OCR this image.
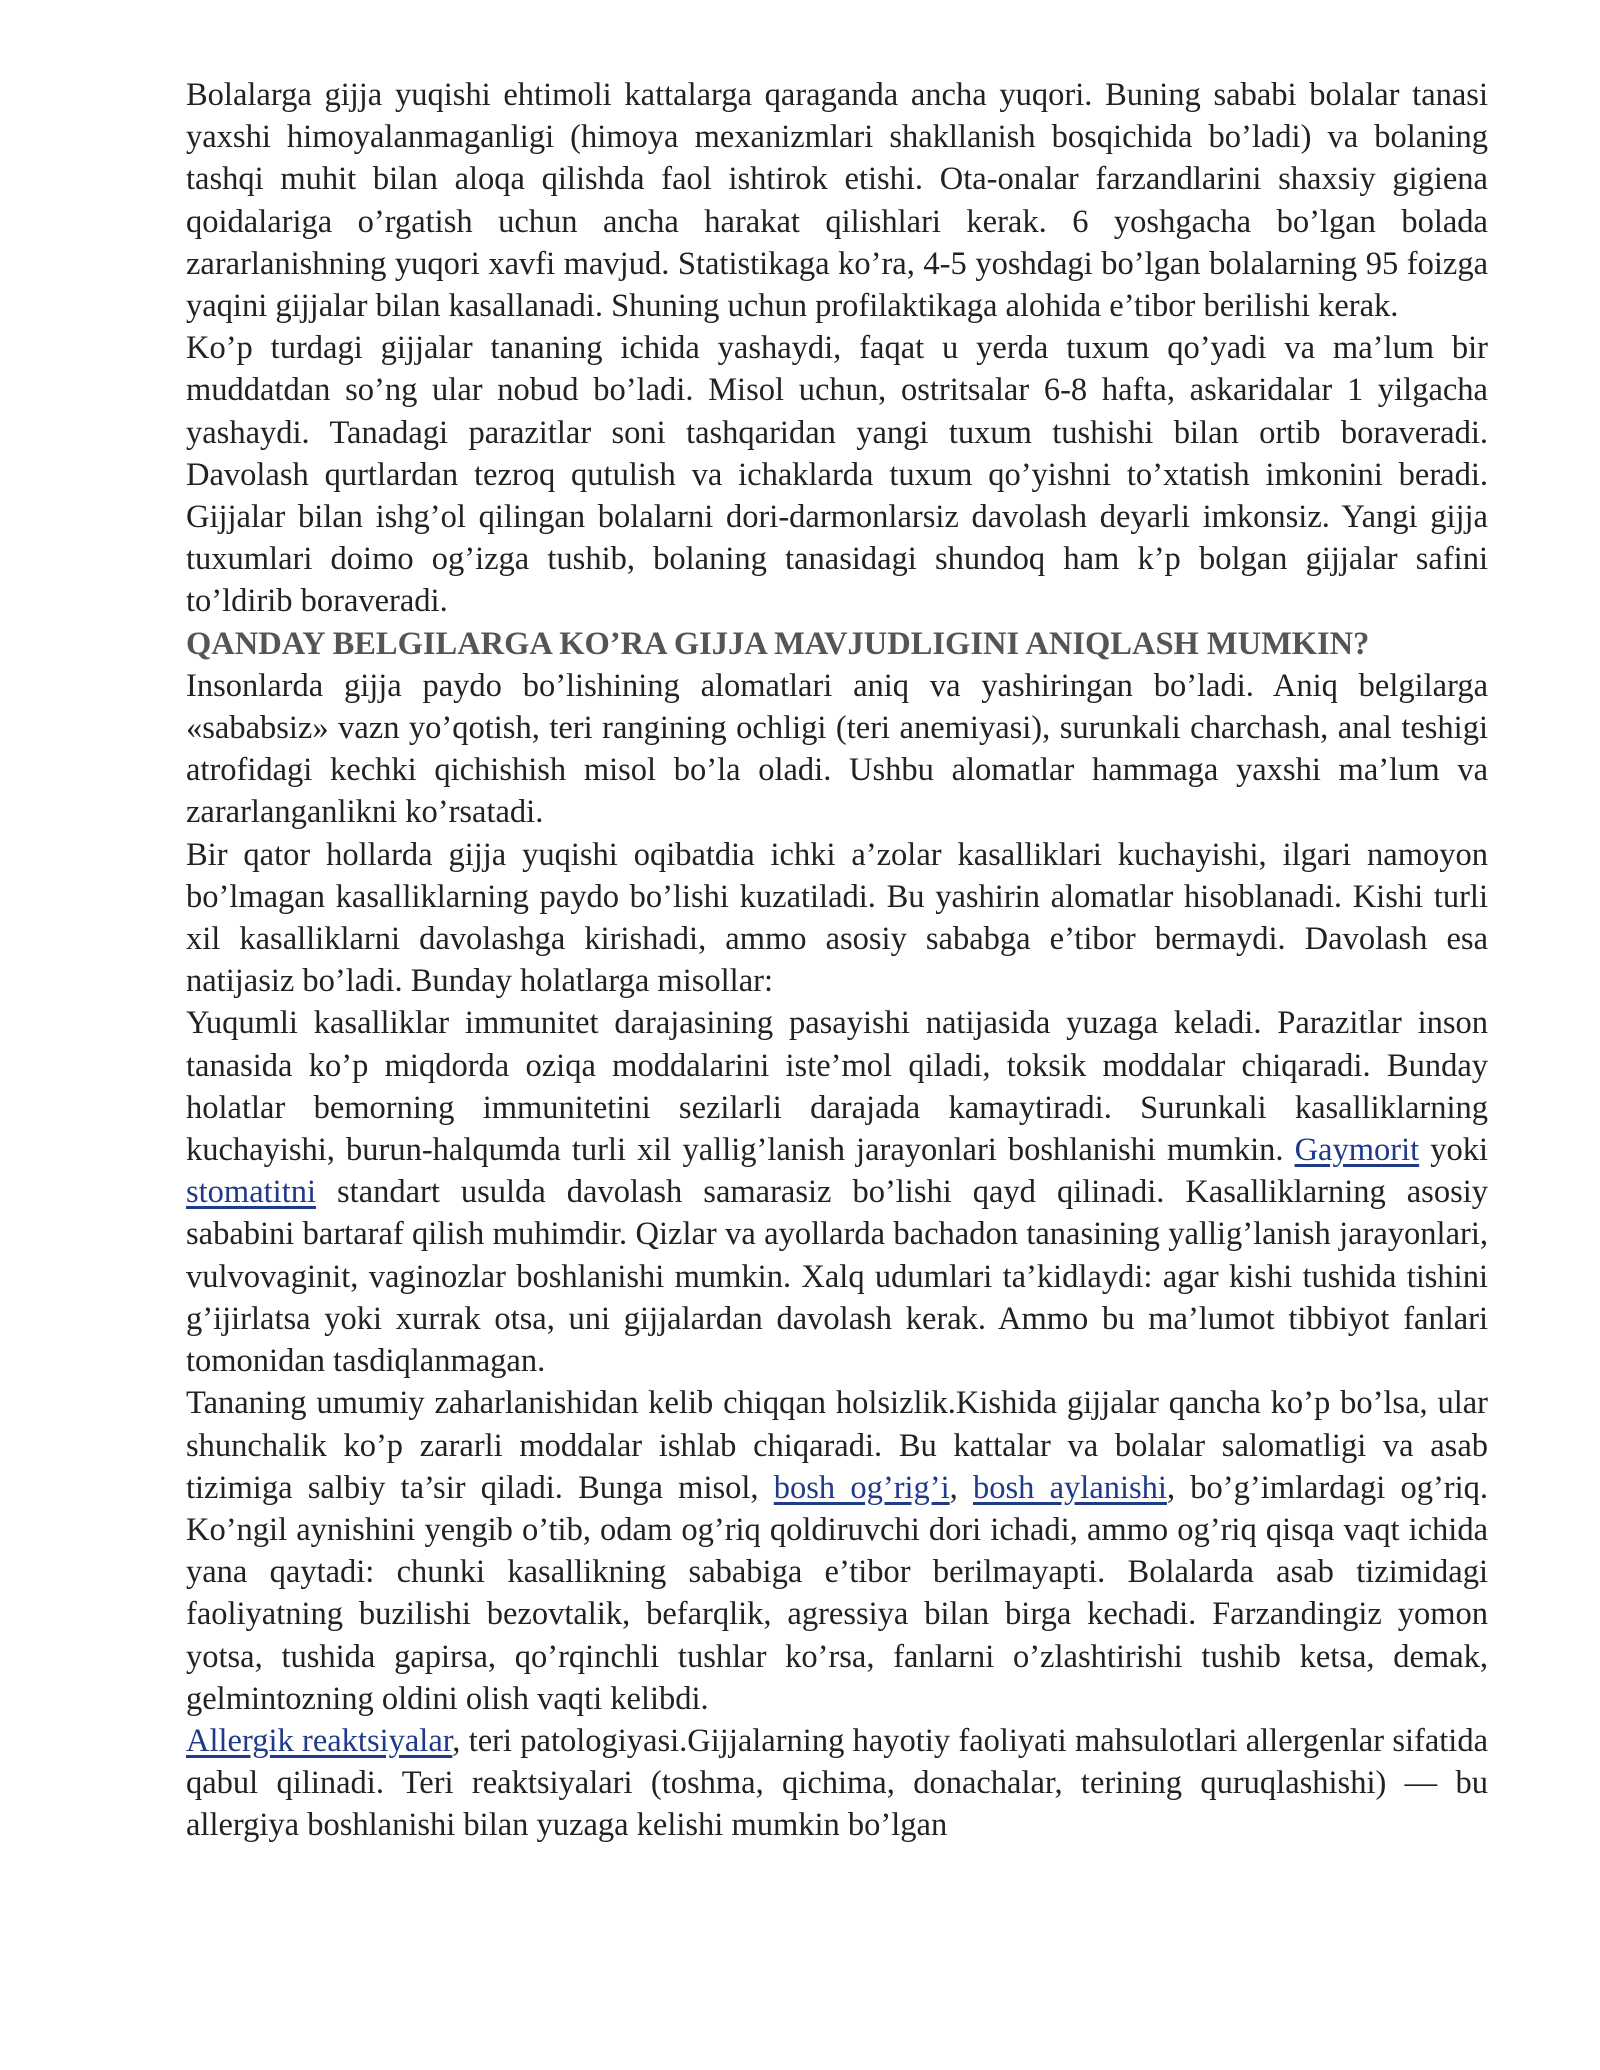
Bolalarga gijja yuqishi ehtimoli kattalarga qaraganda ancha yuqori. Buning sababi bolalar tanasi yaxshi himoyalanmaganligi (himoya mexanizmlari shakllanish bosqichida bo’ladi) va bolaning tashqi muhit bilan aloqa qilishda faol ishtirok etishi. Ota-onalar farzandlarini shaxsiy gigiena qoidalariga o’rgatish uchun ancha harakat qilishlari kerak. 6 yoshgacha bo’lgan bolada zararlanishning yuqori xavfi mavjud. Statistikaga ko’ra, 4-5 yoshdagi bo’lgan bolalarning 95 foizga yaqini gijjalar bilan kasallanadi. Shuning uchun profilaktikaga alohida e’tibor berilishi kerak.

Ko’p turdagi gijjalar tananing ichida yashaydi, faqat u yerda tuxum qo’yadi va ma’lum bir muddatdan so’ng ular nobud bo’ladi. Misol uchun, ostritsalar 6-8 hafta, askaridalar 1 yilgacha yashaydi. Tanadagi parazitlar soni tashqaridan yangi tuxum tushishi bilan ortib boraveradi. Davolash qurtlardan tezroq qutulish va ichaklarda tuxum qo’yishni to’xtatish imkonini beradi. Gijjalar bilan ishg’ol qilingan bolalarni dori-darmonlarsiz davolash deyarli imkonsiz. Yangi gijja tuxumlari doimo og’izga tushib, bolaning tanasidagi shundoq ham k’p bolgan gijjalar safini to’ldirib boraveradi.

QANDAY BELGILARGA KO’RA GIJJA MAVJUDLIGINI ANIQLASH MUMKIN?

Insonlarda gijja paydo bo’lishining alomatlari aniq va yashiringan bo’ladi. Aniq belgilarga «sababsiz» vazn yo’qotish, teri rangining ochligi (teri anemiyasi), surunkali charchash, anal teshigi atrofidagi kechki qichishish misol bo’la oladi. Ushbu alomatlar hammaga yaxshi ma’lum va zararlanganlikni ko’rsatadi.

Bir qator hollarda gijja yuqishi oqibatdia ichki a’zolar kasalliklari kuchayishi, ilgari namoyon bo’lmagan kasalliklarning paydo bo’lishi kuzatiladi. Bu yashirin alomatlar hisoblanadi. Kishi turli xil kasalliklarni davolashga kirishadi, ammo asosiy sababga e’tibor bermaydi. Davolash esa natijasiz bo’ladi. Bunday holatlarga misollar:

Yuqumli kasalliklar immunitet darajasining pasayishi natijasida yuzaga keladi. Parazitlar inson tanasida ko’p miqdorda oziqa moddalarini iste’mol qiladi, toksik moddalar chiqaradi. Bunday holatlar bemorning immunitetini sezilarli darajada kamaytiradi. Surunkali kasalliklarning kuchayishi, burun-halqumda turli xil yallig’lanish jarayonlari boshlanishi mumkin. Gaymorit yoki stomatitni standart usulda davolash samarasiz bo’lishi qayd qilinadi. Kasalliklarning asosiy sababini bartaraf qilish muhimdir. Qizlar va ayollarda bachadon tanasining yallig’lanish jarayonlari, vulvovaginit, vaginozlar boshlanishi mumkin. Xalq udumlari ta’kidlaydi: agar kishi tushida tishini g’ijirlatsa yoki xurrak otsa, uni gijjalardan davolash kerak. Ammo bu ma’lumot tibbiyot fanlari tomonidan tasdiqlanmagan.

Tananing umumiy zaharlanishidan kelib chiqqan holsizlik.Kishida gijjalar qancha ko’p bo’lsa, ular shunchalik ko’p zararli moddalar ishlab chiqaradi. Bu kattalar va bolalar salomatligi va asab tizimiga salbiy ta’sir qiladi. Bunga misol, bosh og’rig’i, bosh aylanishi, bo’g’imlardagi og’riq. Ko’ngil aynishini yengib o’tib, odam og’riq qoldiruvchi dori ichadi, ammo og’riq qisqa vaqt ichida yana qaytadi: chunki kasallikning sababiga e’tibor berilmayapti. Bolalarda asab tizimidagi faoliyatning buzilishi bezovtalik, befarqlik, agressiya bilan birga kechadi. Farzandingiz yomon yotsa, tushida gapirsa, qo’rqinchli tushlar ko’rsa, fanlarni o’zlashtirishi tushib ketsa, demak, gelmintozning oldini olish vaqti kelibdi.

Allergik reaktsiyalar, teri patologiyasi.Gijjalarning hayotiy faoliyati mahsulotlari allergenlar sifatida qabul qilinadi. Teri reaktsiyalari (toshma, qichima, donachalar, terining quruqlashishi) — bu allergiya boshlanishi bilan yuzaga kelishi mumkin bo’lgan
